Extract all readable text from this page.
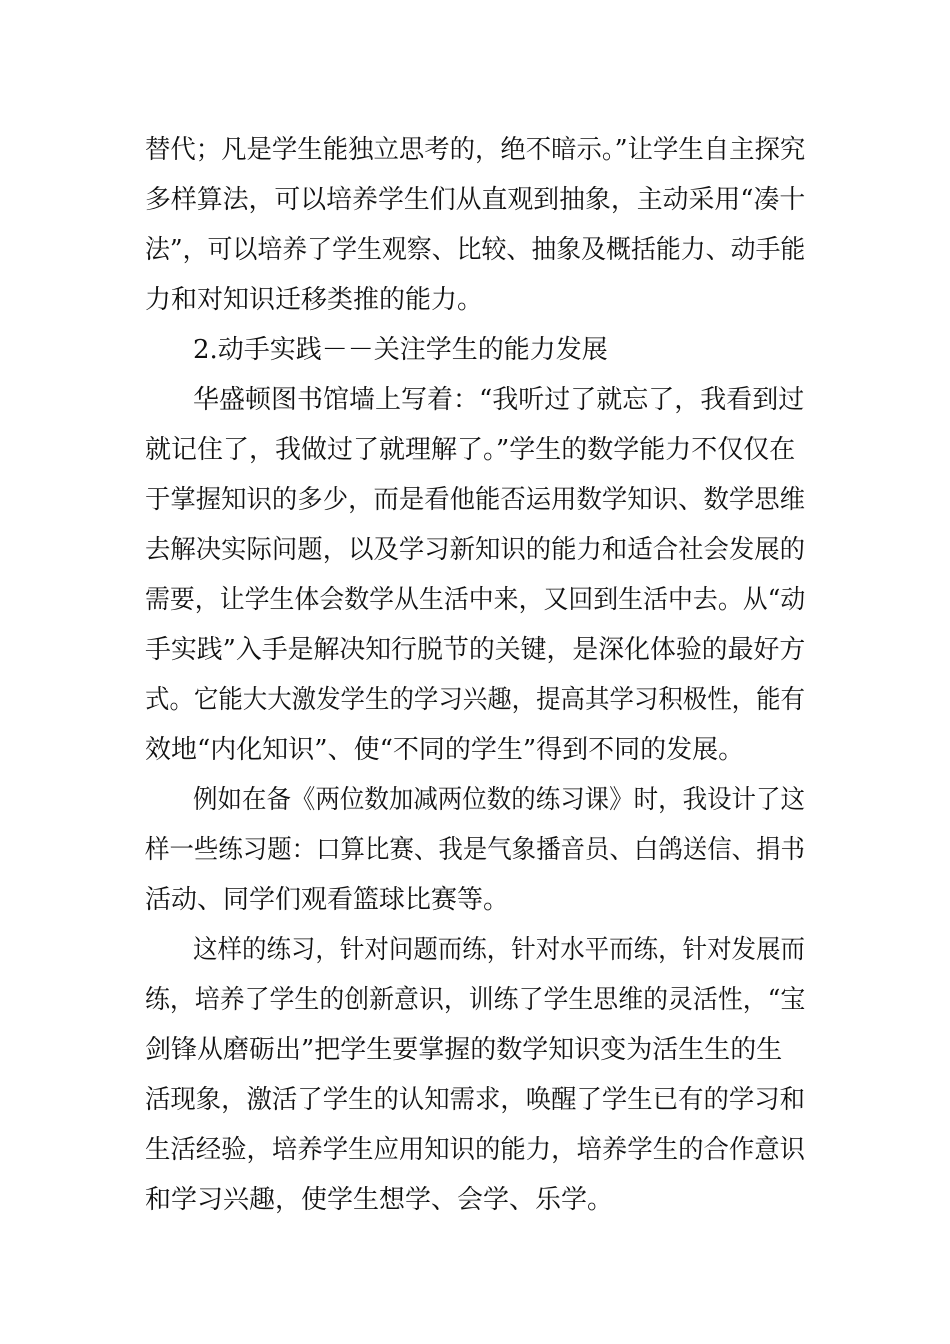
替代；凡是学生能独立思考的，绝不暗示。”让学生自主探究
多样算法，可以培养学生们从直观到抽象，主动采用“凑十
法”，可以培养了学生观察、比较、抽象及概括能力、动手能
力和对知识迁移类推的能力。
2.动手实践－－关注学生的能力发展
华盛顿图书馆墙上写着：“我听过了就忘了，我看到过
就记住了，我做过了就理解了。”学生的数学能力不仅仅在
于掌握知识的多少，而是看他能否运用数学知识、数学思维
去解决实际问题，以及学习新知识的能力和适合社会发展的
需要，让学生体会数学从生活中来，又回到生活中去。从“动
手实践”入手是解决知行脱节的关键，是深化体验的最好方
式。它能大大激发学生的学习兴趣，提高其学习积极性，能有
效地“内化知识”、使“不同的学生”得到不同的发展。
例如在备《两位数加减两位数的练习课》时，我设计了这
样一些练习题：口算比赛、我是气象播音员、白鸽送信、捐书
活动、同学们观看篮球比赛等。
这样的练习，针对问题而练，针对水平而练，针对发展而
练，培养了学生的创新意识，训练了学生思维的灵活性，“宝
剑锋从磨砺出”把学生要掌握的数学知识变为活生生的生
活现象，激活了学生的认知需求，唤醒了学生已有的学习和
生活经验，培养学生应用知识的能力，培养学生的合作意识
和学习兴趣，使学生想学、会学、乐学。
